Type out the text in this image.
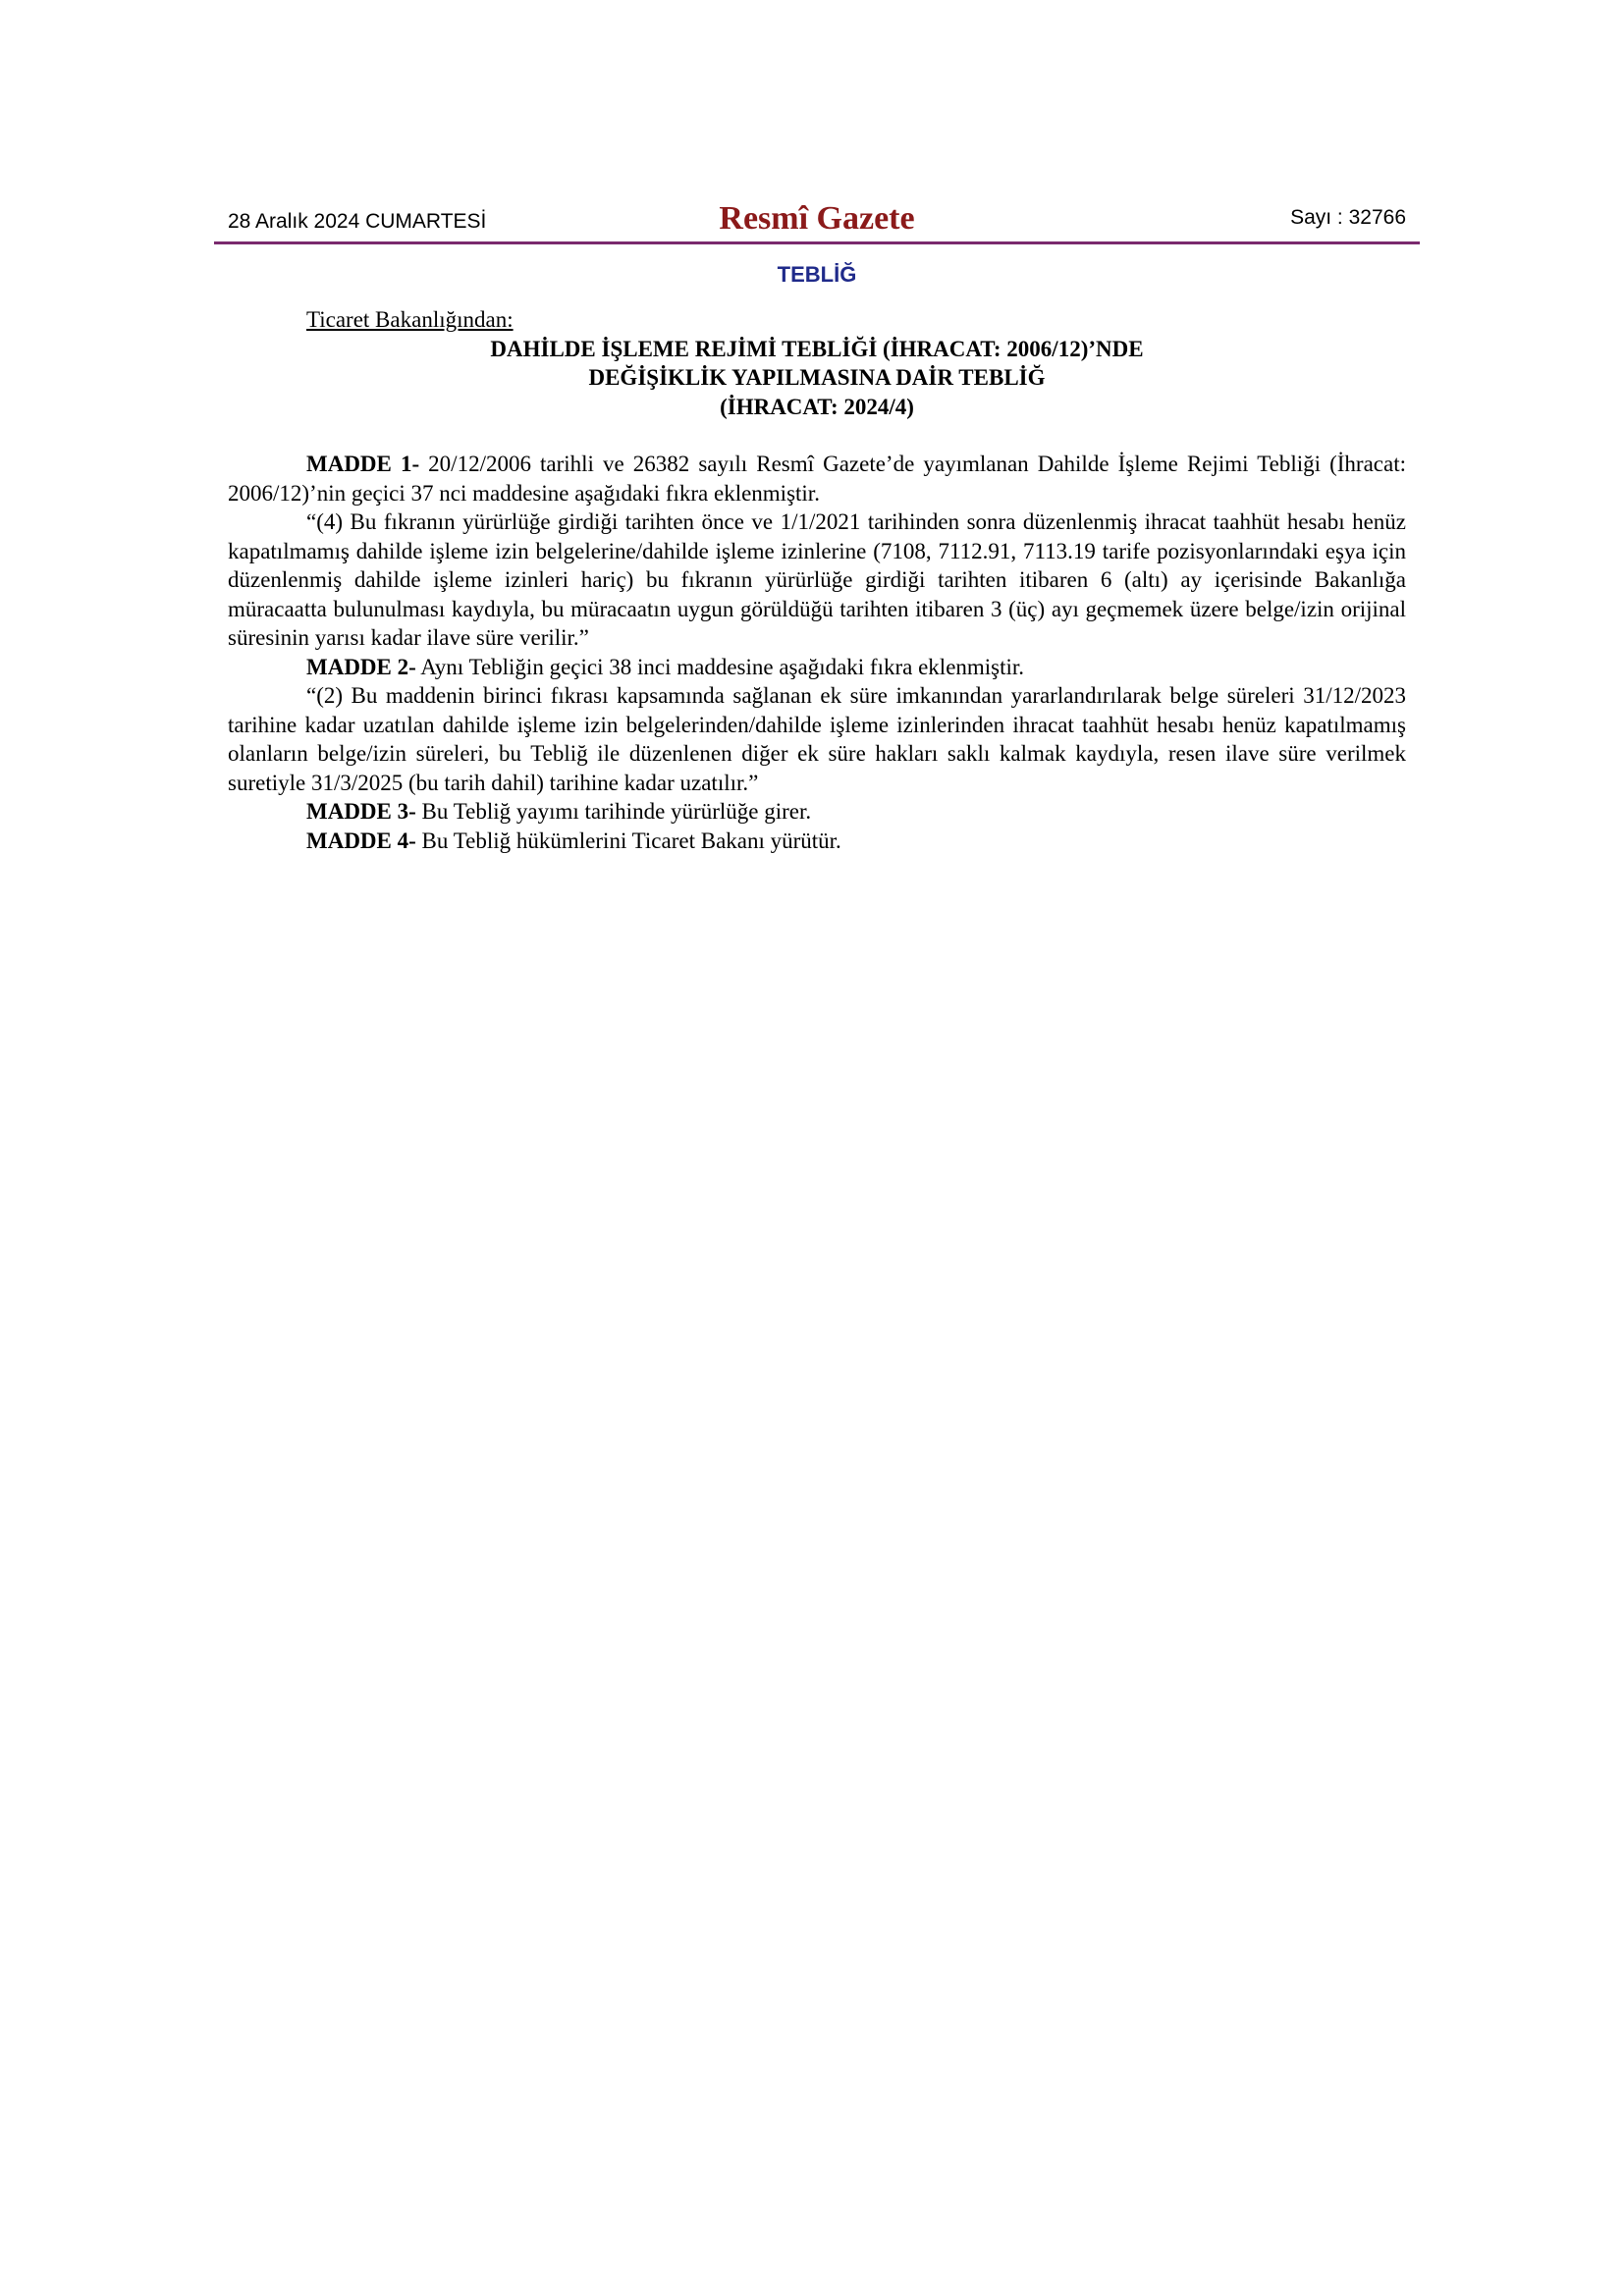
28 Aralık 2024 CUMARTESİ	Resmî Gazete	Sayı : 32766
TEBLİĞ
Ticaret Bakanlığından:
DAHİLDE İŞLEME REJİMİ TEBLİĞİ (İHRACAT: 2006/12)’NDE
DEĞİŞİKLİK YAPILMASINA DAİR TEBLİĞ
(İHRACAT: 2024/4)

MADDE 1- 20/12/2006 tarihli ve 26382 sayılı Resmî Gazete’de yayımlanan Dahilde İşleme Rejimi Tebliği (İhracat: 2006/12)’nin geçici 37 nci maddesine aşağıdaki fıkra eklenmiştir.

“(4) Bu fıkranın yürürlüğe girdiği tarihten önce ve 1/1/2021 tarihinden sonra düzenlenmiş ihracat taahhüt hesabı henüz kapatılmamış dahilde işleme izin belgelerine/dahilde işleme izinlerine (7108, 7112.91, 7113.19 tarife pozisyonlarındaki eşya için düzenlenmiş dahilde işleme izinleri hariç) bu fıkranın yürürlüğe girdiği tarihten itibaren 6 (altı) ay içerisinde Bakanlığa müracaatta bulunulması kaydıyla, bu müracaatın uygun görüldüğü tarihten itibaren 3 (üç) ayı geçmemek üzere belge/izin orijinal süresinin yarısı kadar ilave süre verilir.”

MADDE 2- Aynı Tebliğin geçici 38 inci maddesine aşağıdaki fıkra eklenmiştir.

“(2) Bu maddenin birinci fıkrası kapsamında sağlanan ek süre imkanından yararlandırılarak belge süreleri 31/12/2023 tarihine kadar uzatılan dahilde işleme izin belgelerinden/dahilde işleme izinlerinden ihracat taahhüt hesabı henüz kapatılmamış olanların belge/izin süreleri, bu Tebliğ ile düzenlenen diğer ek süre hakları saklı kalmak kaydıyla, resen ilave süre verilmek suretiyle 31/3/2025 (bu tarih dahil) tarihine kadar uzatılır.”

MADDE 3- Bu Tebliğ yayımı tarihinde yürürlüğe girer.

MADDE 4- Bu Tebliğ hükümlerini Ticaret Bakanı yürütür.
